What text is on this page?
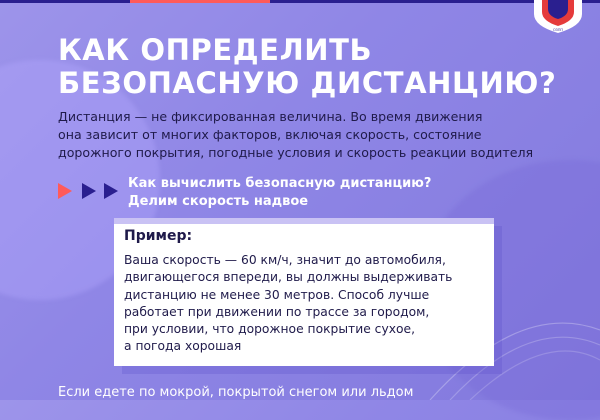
ОЗПП
КАК ОПРЕДЕЛИТЬ
БЕЗОПАСНУЮ ДИСТАНЦИЮ?
Дистанция — не фиксированная величина. Во время движения
она зависит от многих факторов, включая скорость, состояние
дорожного покрытия, погодные условия и скорость реакции водителя
Как вычислить безопасную дистанцию?
Делим скорость надвое
Пример:
Ваша скорость — 60 км/ч, значит до автомобиля,
двигающегося впереди, вы должны выдерживать
дистанцию не менее 30 метров. Способ лучше
работает при движении по трассе за городом,
при условии, что дорожное покрытие сухое,
а погода хорошая
Если едете по мокрой, покрытой снегом или льдом
